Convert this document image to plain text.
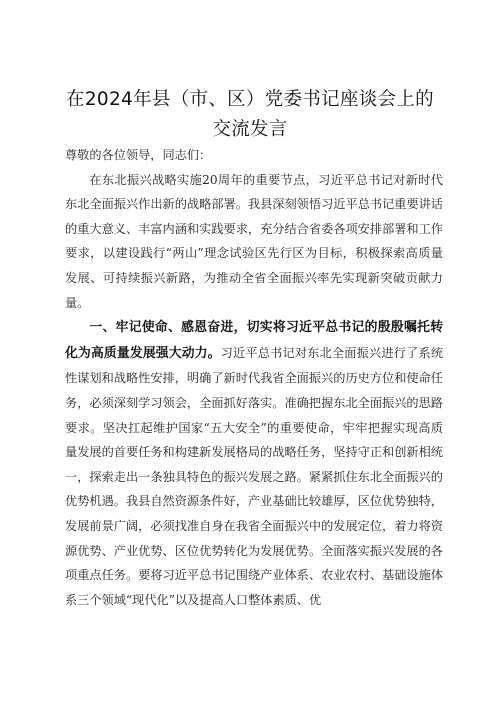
在2024年县（市、区）党委书记座谈会上的
交流发言

尊敬的各位领导，同志们：

在东北振兴战略实施20周年的重要节点，习近平总书记对新时代东北全面振兴作出新的战略部署。我县深刻领悟习近平总书记重要讲话的重大意义、丰富内涵和实践要求，充分结合省委各项安排部署和工作要求，以建设践行“两山”理念试验区先行区为目标，积极探索高质量发展、可持续振兴新路，为推动全省全面振兴率先实现新突破贡献力量。

一、牢记使命、感恩奋进，切实将习近平总书记的殷殷嘱托转化为高质量发展强大动力。习近平总书记对东北全面振兴进行了系统性谋划和战略性安排，明确了新时代我省全面振兴的历史方位和使命任务，必须深刻学习领会，全面抓好落实。准确把握东北全面振兴的思路要求。坚决扛起维护国家“五大安全”的重要使命，牢牢把握实现高质量发展的首要任务和构建新发展格局的战略任务，坚持守正和创新相统一，探索走出一条独具特色的振兴发展之路。紧紧抓住东北全面振兴的优势机遇。我县自然资源条件好，产业基础比较雄厚，区位优势独特，发展前景广阔，必须找准自身在我省全面振兴中的发展定位，着力将资源优势、产业优势、区位优势转化为发展优势。全面落实振兴发展的各项重点任务。要将习近平总书记围绕产业体系、农业农村、基础设施体系三个领域“现代化”以及提高人口整体素质、优
